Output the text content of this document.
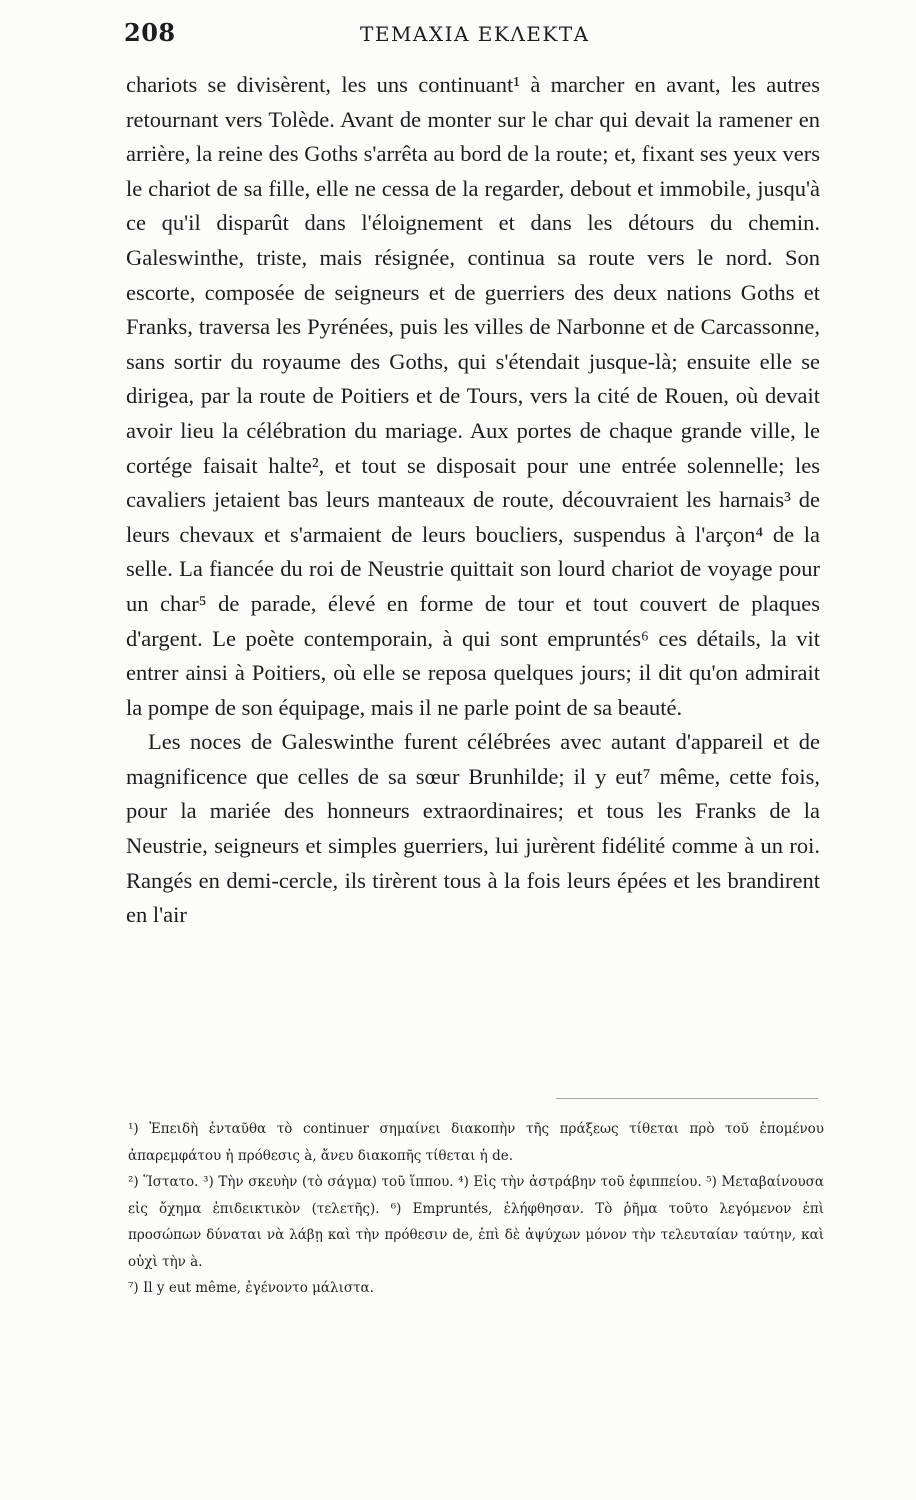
208	ΤΕΜΑΧΙΑ ΕΚΛΕΚΤΑ

chariots se divisèrent, les uns continuant¹ à marcher en avant, les autres retournant vers Tolède. Avant de monter sur le char qui devait la ramener en arrière, la reine des Goths s'arrêta au bord de la route; et, fixant ses yeux vers le chariot de sa fille, elle ne cessa de la regarder, debout et immobile, jusqu'à ce qu'il disparût dans l'éloignement et dans les détours du chemin. Galeswinthe, triste, mais résignée, continua sa route vers le nord. Son escorte, composée de seigneurs et de guerriers des deux nations Goths et Franks, traversa les Pyrénées, puis les villes de Narbonne et de Carcassonne, sans sortir du royaume des Goths, qui s'étendait jusque-là; ensuite elle se dirigea, par la route de Poitiers et de Tours, vers la cité de Rouen, où devait avoir lieu la célébration du mariage. Aux portes de chaque grande ville, le cortége faisait halte², et tout se disposait pour une entrée solennelle; les cavaliers jetaient bas leurs manteaux de route, découvraient les harnais³ de leurs chevaux et s'armaient de leurs boucliers, suspendus à l'arçon⁴ de la selle. La fiancée du roi de Neustrie quittait son lourd chariot de voyage pour un char⁵ de parade, élevé en forme de tour et tout couvert de plaques d'argent. Le poète contemporain, à qui sont empruntés⁶ ces détails, la vit entrer ainsi à Poitiers, où elle se reposa quelques jours; il dit qu'on admirait la pompe de son équipage, mais il ne parle point de sa beauté.

Les noces de Galeswinthe furent célébrées avec autant d'appareil et de magnificence que celles de sa sœur Brunhilde; il y eut⁷ même, cette fois, pour la mariée des honneurs extraordinaires; et tous les Franks de la Neustrie, seigneurs et simples guerriers, lui jurèrent fidélité comme à un roi. Rangés en demi-cercle, ils tirèrent tous à la fois leurs épées et les brandirent en l'air

¹) Ἐπειδὴ ἐνταῦθα τὸ continuer σημαίνει διακοπὴν τῆς πράξεως τίθεται πρὸ τοῦ ἑπομένου ἀπαρεμφάτου ἡ πρόθεσις à, ἄνευ διακοπῆς τίθεται ἡ de.

²) Ἵστατο. ³) Τὴν σκευὴν (τὸ σάγμα) τοῦ ἵππου. ⁴) Εἰς τὴν ἀστράβην τοῦ ἐφιππείου. ⁵) Μεταβαίνουσα εἰς ὄχημα ἐπιδεικτικὸν (τελετῆς). ⁶) Empruntés, ἐλήφθησαν. Τὸ ῥῆμα τοῦτο λεγόμενον ἐπὶ προσώπων δύναται νὰ λάβῃ καὶ τὴν πρόθεσιν de, ἐπὶ δὲ ἀψύχων μόνον τὴν τελευταίαν ταύτην, καὶ οὐχὶ τὴν à.

⁷) Il y eut même, ἐγένοντο μάλιστα.
